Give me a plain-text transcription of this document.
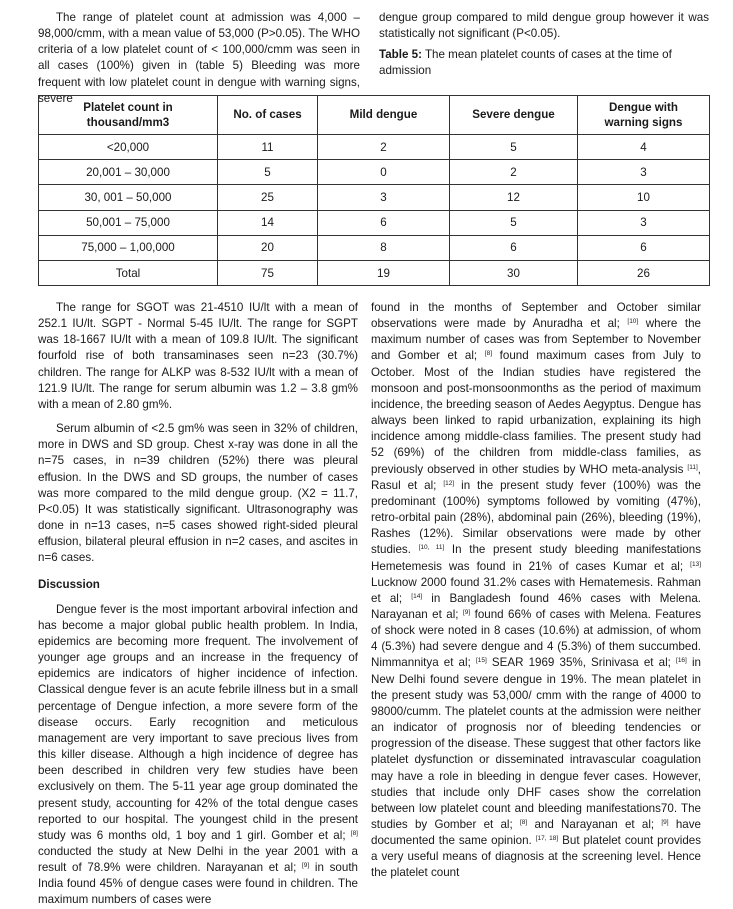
The range of platelet count at admission was 4,000 – 98,000/cmm, with a mean value of 53,000 (P>0.05). The WHO criteria of a low platelet count of < 100,000/cmm was seen in all cases (100%) given in (table 5) Bleeding was more frequent with low platelet count in dengue with warning signs, severe

dengue group compared to mild dengue group however it was statistically not significant (P<0.05).

Table 5: The mean platelet counts of cases at the time of admission
Platelet count in thousand/mm3	No. of cases	Mild dengue	Severe dengue	Dengue with warning signs
<20,000	11	2	5	4
20,001 – 30,000	5	0	2	3
30, 001 – 50,000	25	3	12	10
50,001 – 75,000	14	6	5	3
75,000 – 1,00,000	20	8	6	6
Total	75	19	30	26

The range for SGOT was 21-4510 IU/lt with a mean of 252.1 IU/lt. SGPT - Normal 5-45 IU/lt. The range for SGPT was 18-1667 IU/lt with a mean of 109.8 IU/lt. The significant fourfold rise of both transaminases seen n=23 (30.7%) children. The range for ALKP was 8-532 IU/lt with a mean of 121.9 IU/lt. The range for serum albumin was 1.2 – 3.8 gm% with a mean of 2.80 gm%.

Serum albumin of <2.5 gm% was seen in 32% of children, more in DWS and SD group. Chest x-ray was done in all the n=75 cases, in n=39 children (52%) there was pleural effusion. In the DWS and SD groups, the number of cases was more compared to the mild dengue group. (X2 = 11.7, P<0.05) It was statistically significant. Ultrasonography was done in n=13 cases, n=5 cases showed right-sided pleural effusion, bilateral pleural effusion in n=2 cases, and ascites in n=6 cases.

Discussion

Dengue fever is the most important arboviral infection and has become a major global public health problem. In India, epidemics are becoming more frequent. The involvement of younger age groups and an increase in the frequency of epidemics are indicators of higher incidence of infection. Classical dengue fever is an acute febrile illness but in a small percentage of Dengue infection, a more severe form of the disease occurs. Early recognition and meticulous management are very important to save precious lives from this killer disease. Although a high incidence of degree has been described in children very few studies have been exclusively on them. The 5-11 year age group dominated the present study, accounting for 42% of the total dengue cases reported to our hospital. The youngest child in the present study was 6 months old, 1 boy and 1 girl. Gomber et al; [8] conducted the study at New Delhi in the year 2001 with a result of 78.9% were children. Narayanan et al; [9] in south India found 45% of dengue cases were found in children. The maximum numbers of cases were

found in the months of September and October similar observations were made by Anuradha et al; [10] where the maximum number of cases was from September to November and Gomber et al; [8] found maximum cases from July to October. Most of the Indian studies have registered the monsoon and post-monsoonmonths as the period of maximum incidence, the breeding season of Aedes Aegyptus. Dengue has always been linked to rapid urbanization, explaining its high incidence among middle-class families. The present study had 52 (69%) of the children from middle-class families, as previously observed in other studies by WHO meta-analysis [11], Rasul et al; [12] in the present study fever (100%) was the predominant (100%) symptoms followed by vomiting (47%), retro-orbital pain (28%), abdominal pain (26%), bleeding (19%), Rashes (12%). Similar observations were made by other studies. [10, 11] In the present study bleeding manifestations Hemetemesis was found in 21% of cases Kumar et al; [13] Lucknow 2000 found 31.2% cases with Hematemesis. Rahman et al; [14] in Bangladesh found 46% cases with Melena. Narayanan et al; [9] found 66% of cases with Melena. Features of shock were noted in 8 cases (10.6%) at admission, of whom 4 (5.3%) had severe dengue and 4 (5.3%) of them succumbed. Nimmannitya et al; [15] SEAR 1969 35%, Srinivasa et al; [16] in New Delhi found severe dengue in 19%. The mean platelet in the present study was 53,000/ cmm with the range of 4000 to 98000/cumm. The platelet counts at the admission were neither an indicator of prognosis nor of bleeding tendencies or progression of the disease. These suggest that other factors like platelet dysfunction or disseminated intravascular coagulation may have a role in bleeding in dengue fever cases. However, studies that include only DHF cases show the correlation between low platelet count and bleeding manifestations70. The studies by Gomber et al; [8] and Narayanan et al; [9] have documented the same opinion. [17, 18] But platelet count provides a very useful means of diagnosis at the screening level. Hence the platelet count
